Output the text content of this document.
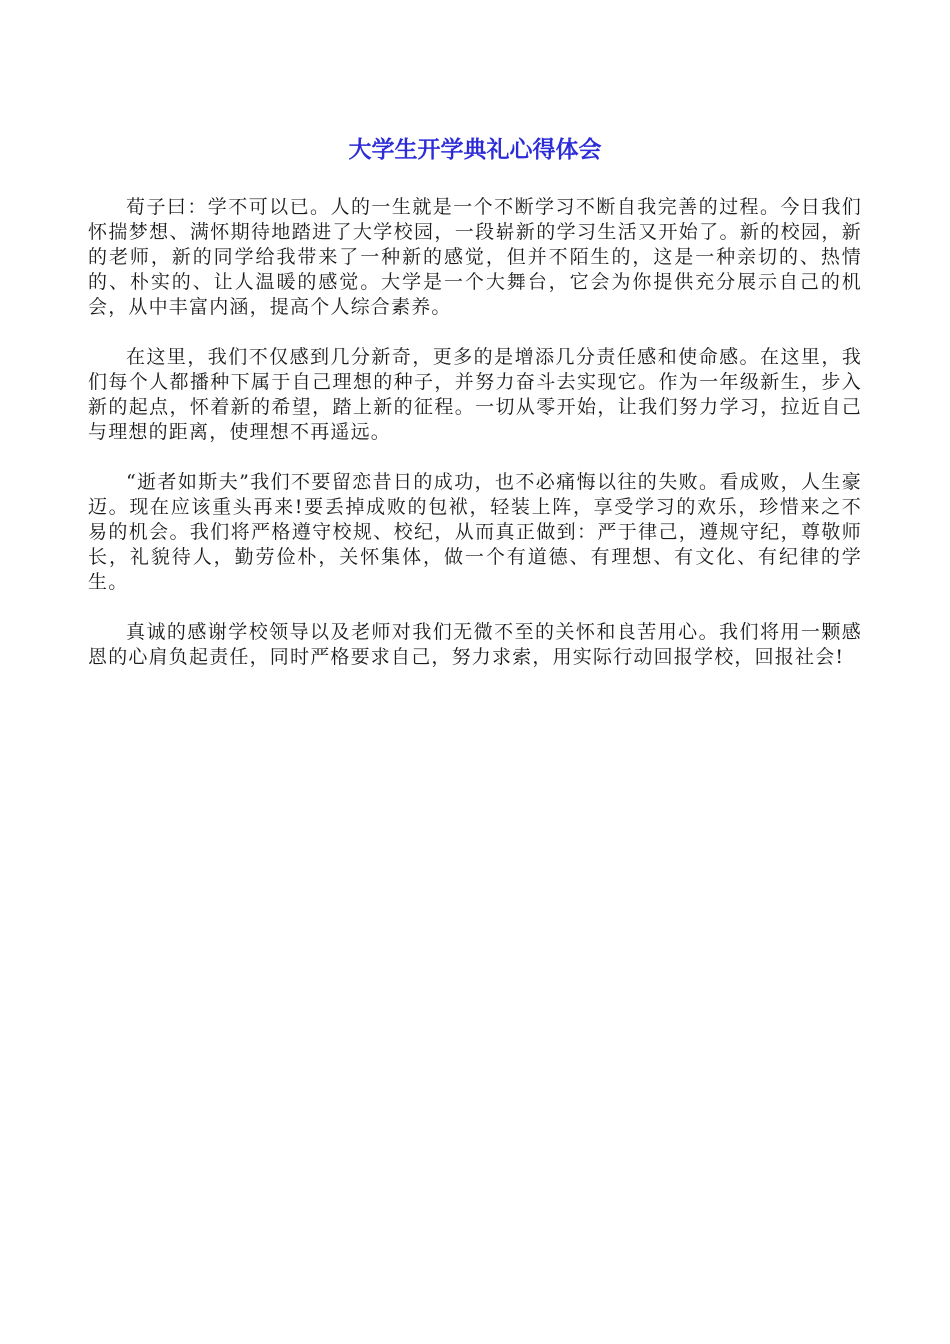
大学生开学典礼心得体会

荀子曰：学不可以已。人的一生就是一个不断学习不断自我完善的过程。今日我们怀揣梦想、满怀期待地踏进了大学校园，一段崭新的学习生活又开始了。新的校园，新的老师，新的同学给我带来了一种新的感觉，但并不陌生的，这是一种亲切的、热情的、朴实的、让人温暖的感觉。大学是一个大舞台，它会为你提供充分展示自己的机会，从中丰富内涵，提高个人综合素养。

在这里，我们不仅感到几分新奇，更多的是增添几分责任感和使命感。在这里，我们每个人都播种下属于自己理想的种子，并努力奋斗去实现它。作为一年级新生，步入新的起点，怀着新的希望，踏上新的征程。一切从零开始，让我们努力学习，拉近自己与理想的距离，使理想不再遥远。

“逝者如斯夫”我们不要留恋昔日的成功，也不必痛悔以往的失败。看成败，人生豪迈。现在应该重头再来!要丢掉成败的包袱，轻装上阵，享受学习的欢乐，珍惜来之不易的机会。我们将严格遵守校规、校纪，从而真正做到：严于律己，遵规守纪，尊敬师长，礼貌待人，勤劳俭朴，关怀集体，做一个有道德、有理想、有文化、有纪律的学生。

真诚的感谢学校领导以及老师对我们无微不至的关怀和良苦用心。我们将用一颗感恩的心肩负起责任，同时严格要求自己，努力求索，用实际行动回报学校，回报社会!
